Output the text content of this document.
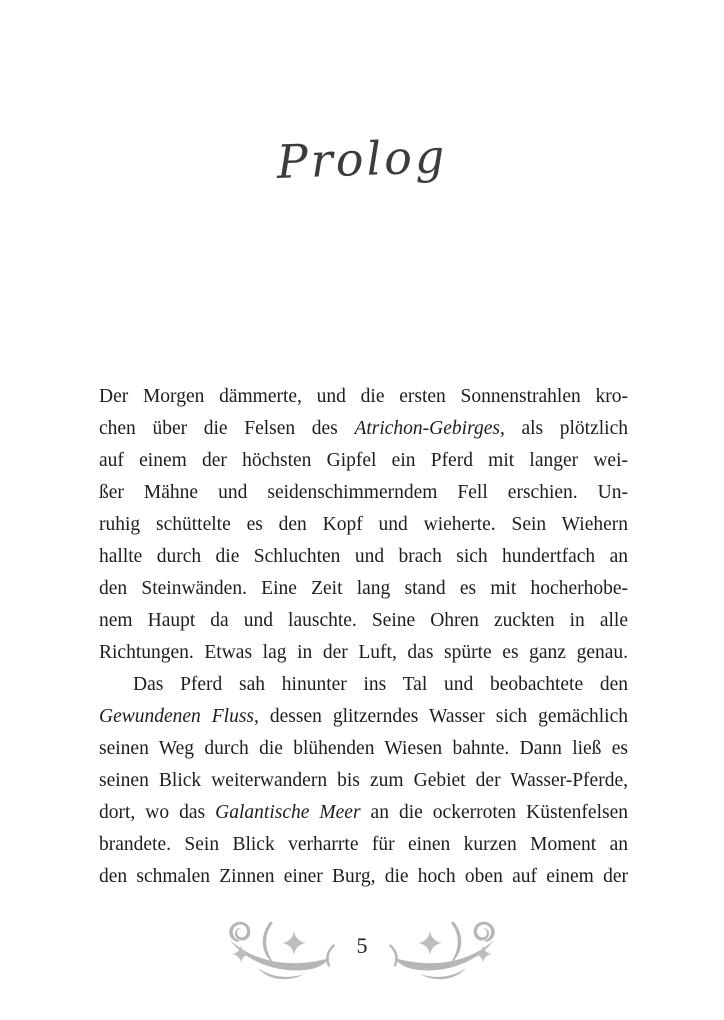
Prolog
Der Morgen dämmerte, und die ersten Sonnenstrahlen kro-
chen über die Felsen des Atrichon-Gebirges, als plötzlich
auf einem der höchsten Gipfel ein Pferd mit langer wei-
ßer Mähne und seidenschimmerndem Fell erschien. Un-
ruhig schüttelte es den Kopf und wieherte. Sein Wiehern
hallte durch die Schluchten und brach sich hundertfach an
den Steinwänden. Eine Zeit lang stand es mit hocherhobe-
nem Haupt da und lauschte. Seine Ohren zuckten in alle
Richtungen. Etwas lag in der Luft, das spürte es ganz genau.
Das Pferd sah hinunter ins Tal und beobachtete den
Gewundenen Fluss, dessen glitzerndes Wasser sich gemächlich
seinen Weg durch die blühenden Wiesen bahnte. Dann ließ es
seinen Blick weiterwandern bis zum Gebiet der Wasser-Pferde,
dort, wo das Galantische Meer an die ockerroten Küstenfelsen
brandete. Sein Blick verharrte für einen kurzen Moment an
den schmalen Zinnen einer Burg, die hoch oben auf einem der
5
